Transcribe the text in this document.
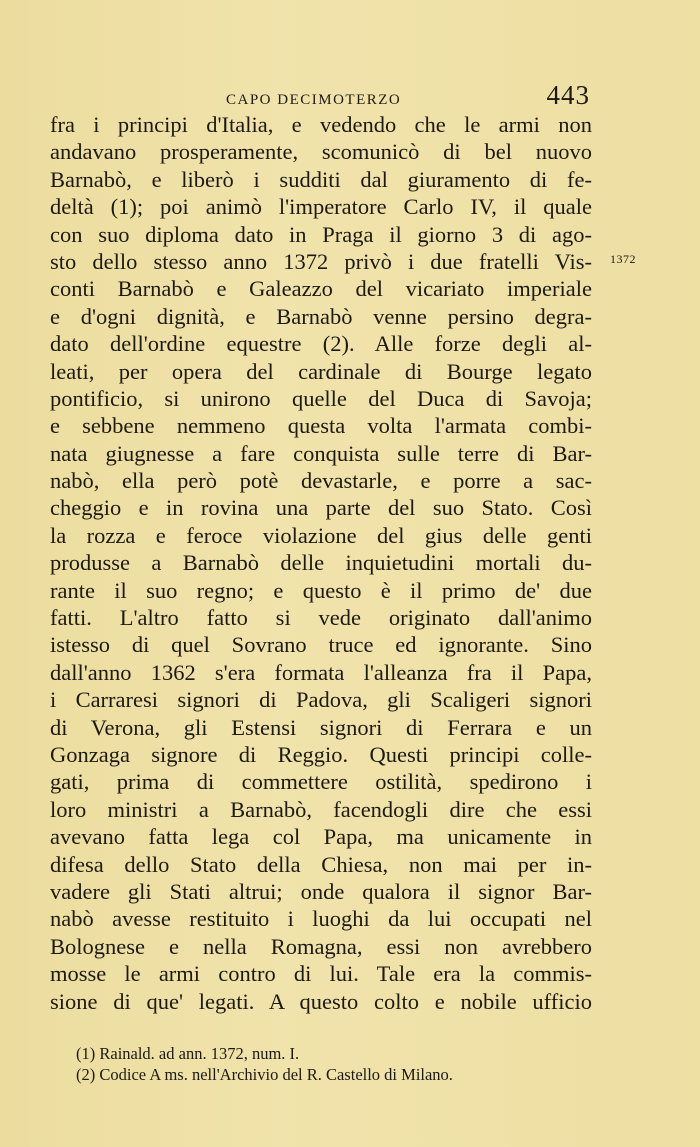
CAPO DECIMOTERZO	443
1372
fra i principi d'Italia, e vedendo che le armi non
andavano prosperamente, scomunicò di bel nuovo
Barnabò, e liberò i sudditi dal giuramento di fe-
deltà (1); poi animò l'imperatore Carlo IV, il quale
con suo diploma dato in Praga il giorno 3 di ago-
sto dello stesso anno 1372 privò i due fratelli Vis-
conti Barnabò e Galeazzo del vicariato imperiale
e d'ogni dignità, e Barnabò venne persino degra-
dato dell'ordine equestre (2). Alle forze degli al-
leati, per opera del cardinale di Bourge legato
pontificio, si unirono quelle del Duca di Savoja;
e sebbene nemmeno questa volta l'armata combi-
nata giugnesse a fare conquista sulle terre di Bar-
nabò, ella però potè devastarle, e porre a sac-
cheggio e in rovina una parte del suo Stato. Così
la rozza e feroce violazione del gius delle genti
produsse a Barnabò delle inquietudini mortali du-
rante il suo regno; e questo è il primo de' due
fatti. L'altro fatto si vede originato dall'animo
istesso di quel Sovrano truce ed ignorante. Sino
dall'anno 1362 s'era formata l'alleanza fra il Papa,
i Carraresi signori di Padova, gli Scaligeri signori
di Verona, gli Estensi signori di Ferrara e un
Gonzaga signore di Reggio. Questi principi colle-
gati, prima di commettere ostilità, spedirono i
loro ministri a Barnabò, facendogli dire che essi
avevano fatta lega col Papa, ma unicamente in
difesa dello Stato della Chiesa, non mai per in-
vadere gli Stati altrui; onde qualora il signor Bar-
nabò avesse restituito i luoghi da lui occupati nel
Bolognese e nella Romagna, essi non avrebbero
mosse le armi contro di lui. Tale era la commis-
sione di que' legati. A questo colto e nobile ufficio
(1) Rainald. ad ann. 1372, num. I.
(2) Codice A ms. nell'Archivio del R. Castello di Milano.
